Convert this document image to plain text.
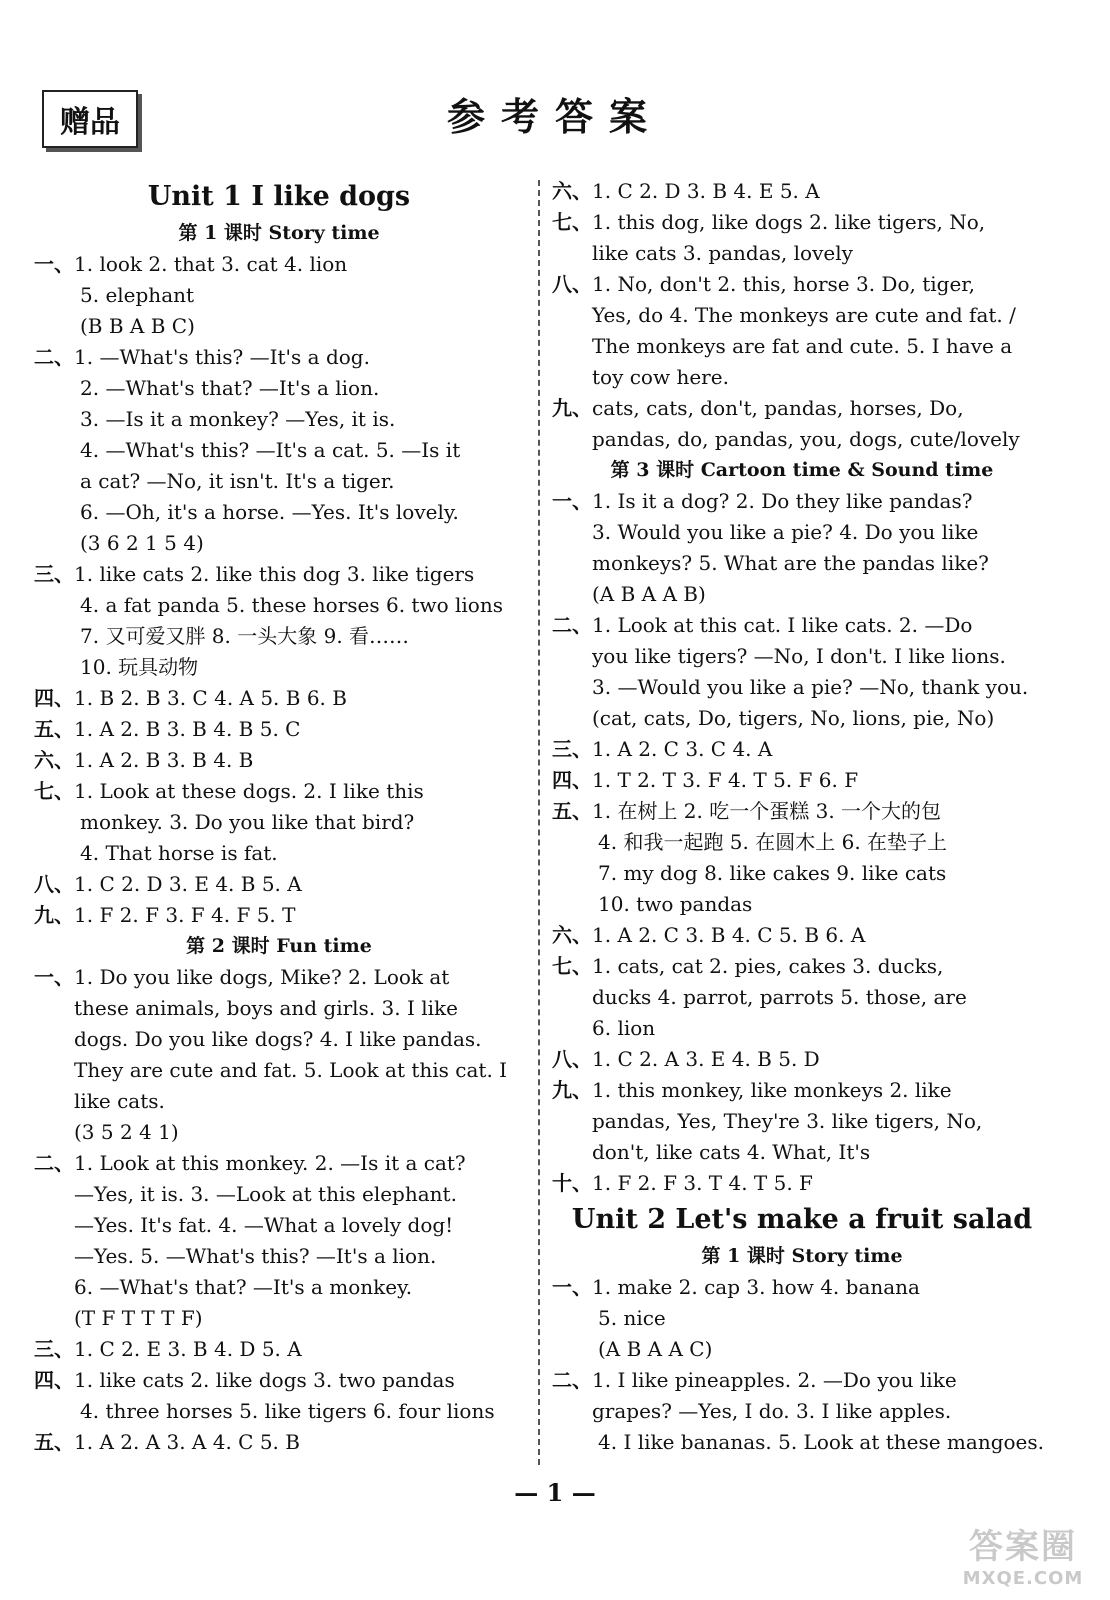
赠品	参考答案
Unit 1 I like dogs
第 1 课时 Story time
一、1. look 2. that 3. cat 4. lion
5. elephant
(B B A B C)
二、1. —What's this? —It's a dog.
2. —What's that? —It's a lion.
3. —Is it a monkey? —Yes, it is.
4. —What's this? —It's a cat. 5. —Is it
a cat? —No, it isn't. It's a tiger.
6. —Oh, it's a horse. —Yes. It's lovely.
(3 6 2 1 5 4)
三、1. like cats 2. like this dog 3. like tigers
4. a fat panda 5. these horses 6. two lions
7. 又可爱又胖 8. 一头大象 9. 看……
10. 玩具动物
四、1. B 2. B 3. C 4. A 5. B 6. B
五、1. A 2. B 3. B 4. B 5. C
六、1. A 2. B 3. B 4. B
七、1. Look at these dogs. 2. I like this
monkey. 3. Do you like that bird?
4. That horse is fat.
八、1. C 2. D 3. E 4. B 5. A
九、1. F 2. F 3. F 4. F 5. T
第 2 课时 Fun time
一、1. Do you like dogs, Mike? 2. Look at
these animals, boys and girls. 3. I like
dogs. Do you like dogs? 4. I like pandas.
They are cute and fat. 5. Look at this cat. I
like cats.
(3 5 2 4 1)
二、1. Look at this monkey. 2. —Is it a cat?
—Yes, it is. 3. —Look at this elephant.
—Yes. It's fat. 4. —What a lovely dog!
—Yes. 5. —What's this? —It's a lion.
6. —What's that? —It's a monkey.
(T F T T T F)
三、1. C 2. E 3. B 4. D 5. A
四、1. like cats 2. like dogs 3. two pandas
4. three horses 5. like tigers 6. four lions
五、1. A 2. A 3. A 4. C 5. B
六、1. C 2. D 3. B 4. E 5. A
七、1. this dog, like dogs 2. like tigers, No,
like cats 3. pandas, lovely
八、1. No, don't 2. this, horse 3. Do, tiger,
Yes, do 4. The monkeys are cute and fat. /
The monkeys are fat and cute. 5. I have a
toy cow here.
九、cats, cats, don't, pandas, horses, Do,
pandas, do, pandas, you, dogs, cute/lovely
第 3 课时 Cartoon time & Sound time
一、1. Is it a dog? 2. Do they like pandas?
3. Would you like a pie? 4. Do you like
monkeys? 5. What are the pandas like?
(A B A A B)
二、1. Look at this cat. I like cats. 2. —Do
you like tigers? —No, I don't. I like lions.
3. —Would you like a pie? —No, thank you.
(cat, cats, Do, tigers, No, lions, pie, No)
三、1. A 2. C 3. C 4. A
四、1. T 2. T 3. F 4. T 5. F 6. F
五、1. 在树上 2. 吃一个蛋糕 3. 一个大的包
4. 和我一起跑 5. 在圆木上 6. 在垫子上
7. my dog 8. like cakes 9. like cats
10. two pandas
六、1. A 2. C 3. B 4. C 5. B 6. A
七、1. cats, cat 2. pies, cakes 3. ducks,
ducks 4. parrot, parrots 5. those, are
6. lion
八、1. C 2. A 3. E 4. B 5. D
九、1. this monkey, like monkeys 2. like
pandas, Yes, They're 3. like tigers, No,
don't, like cats 4. What, It's
十、1. F 2. F 3. T 4. T 5. F
Unit 2 Let's make a fruit salad
第 1 课时 Story time
一、1. make 2. cap 3. how 4. banana
5. nice
(A B A A C)
二、1. I like pineapples. 2. —Do you like
grapes? —Yes, I do. 3. I like apples.
4. I like bananas. 5. Look at these mangoes.
— 1 —
答案圈
MXQE.COM
